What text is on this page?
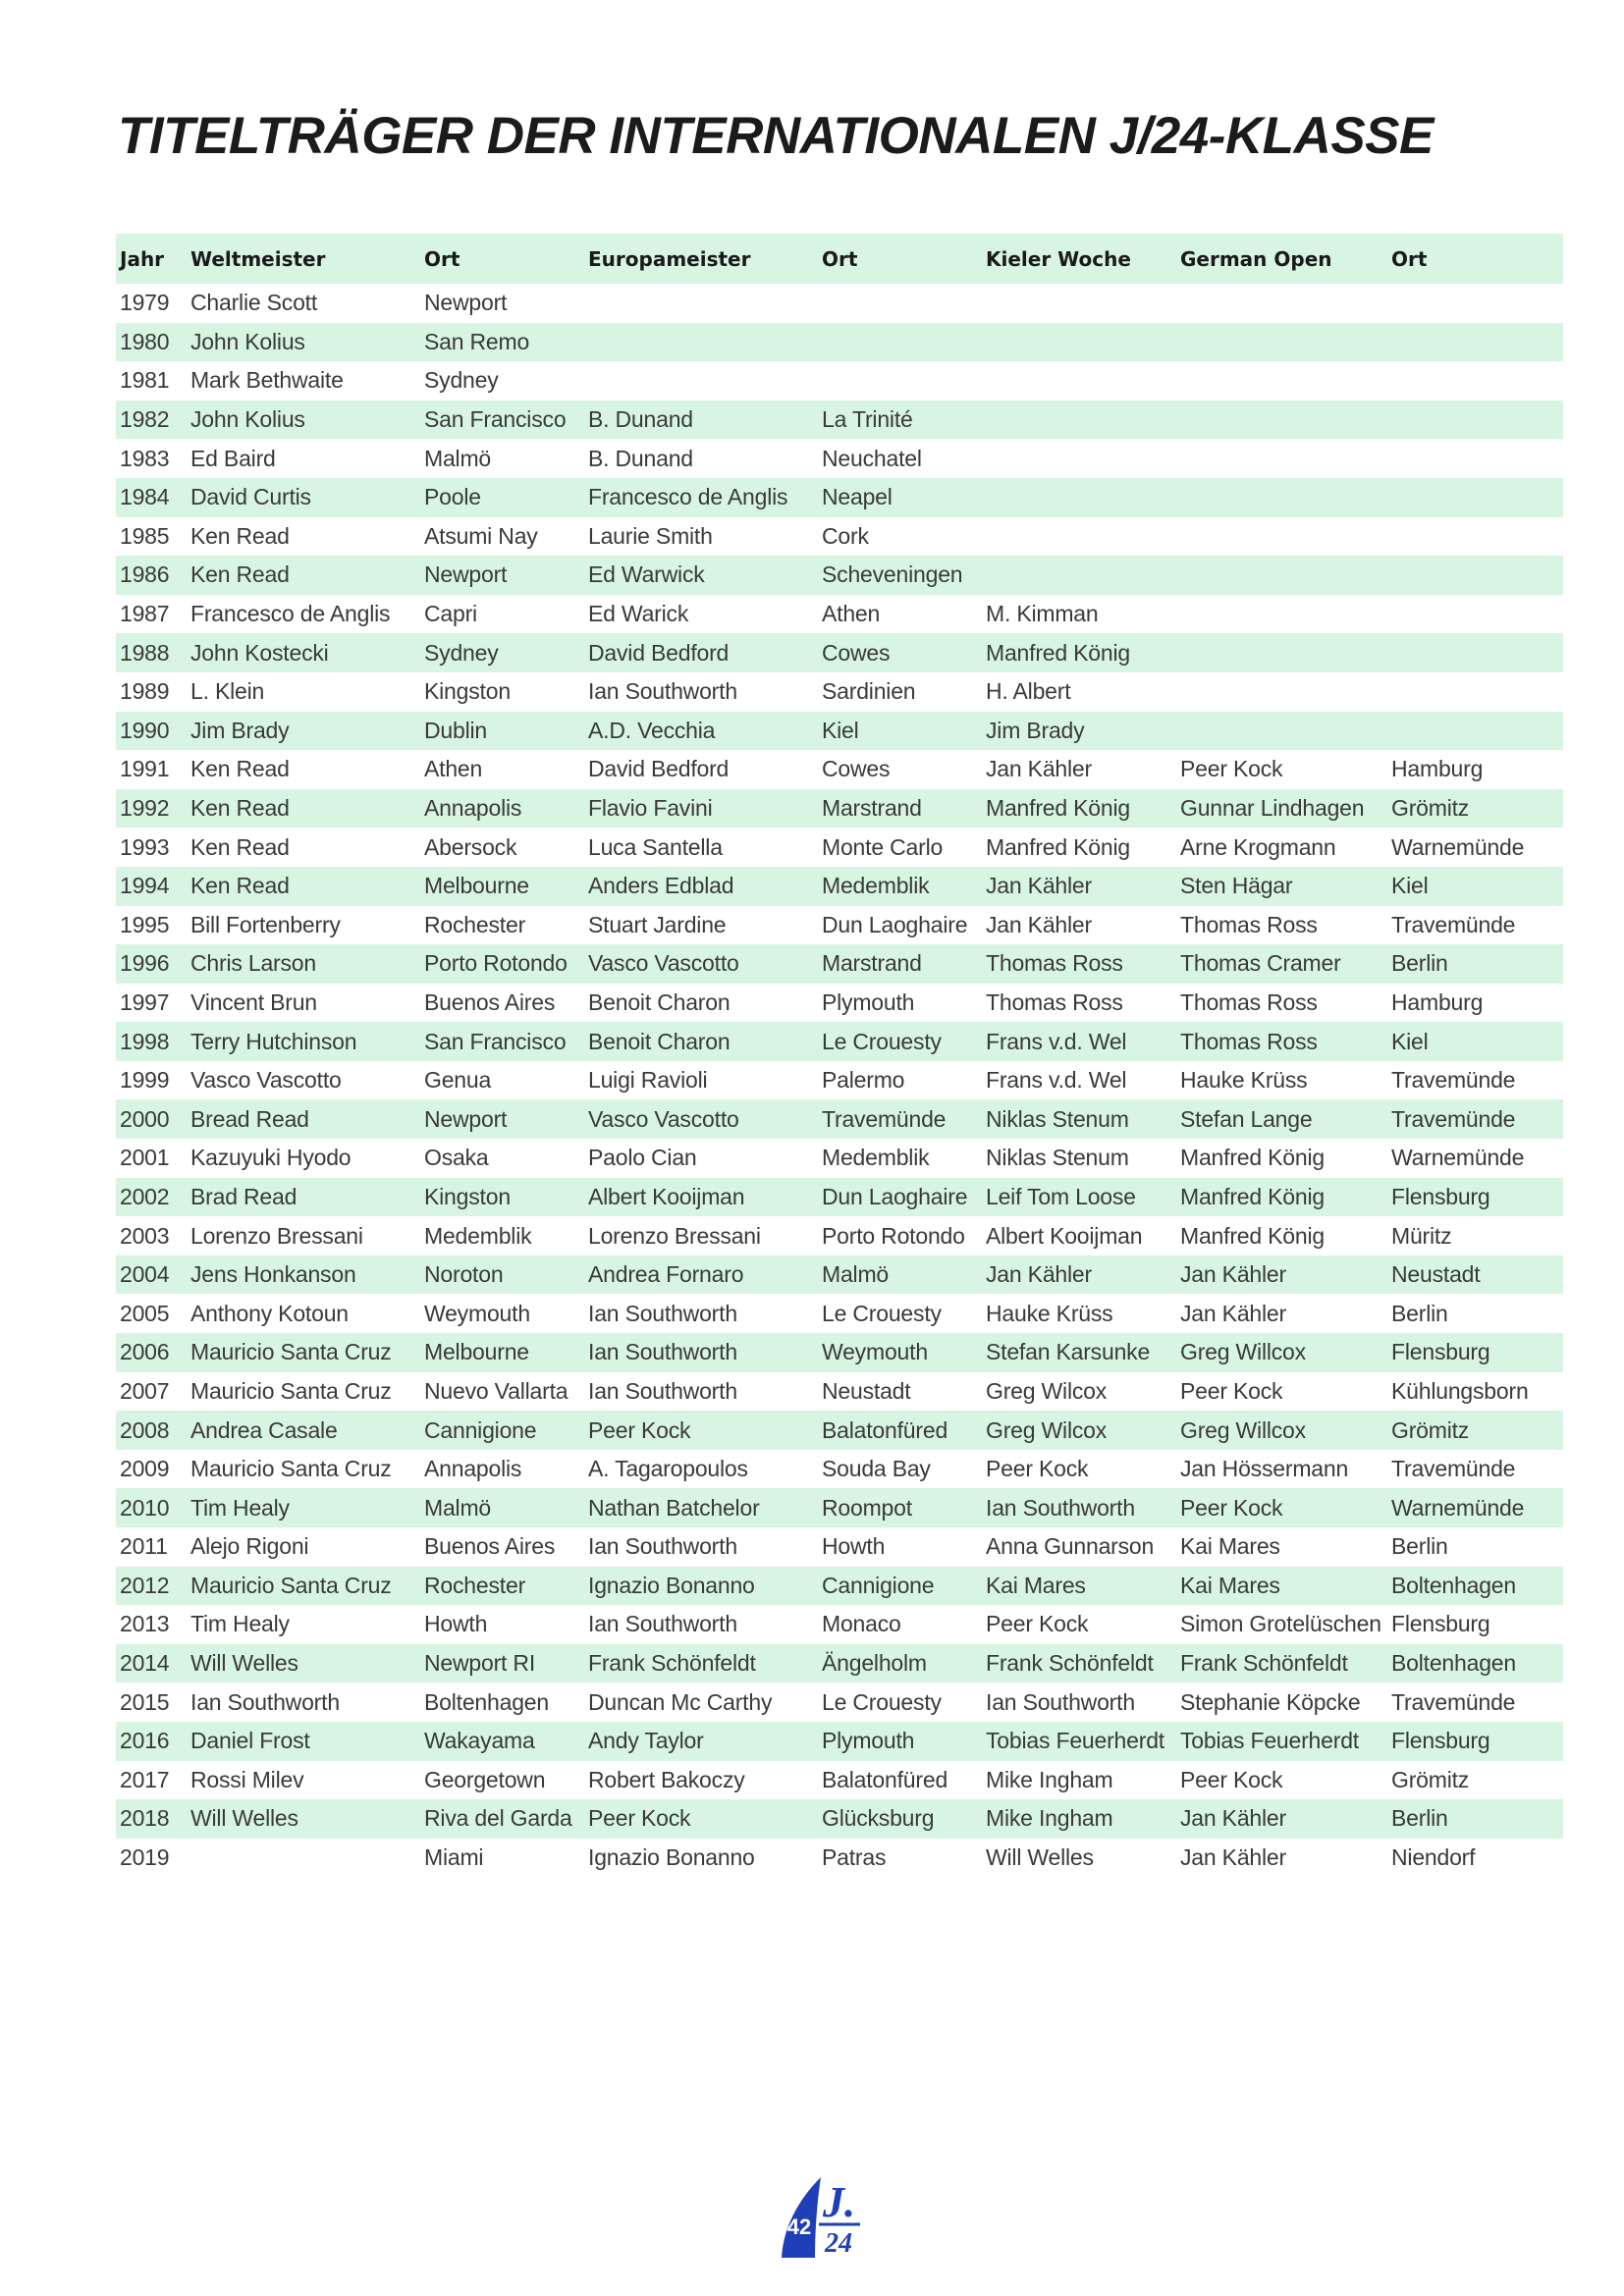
TITELTRÄGER DER INTERNATIONALEN J/24-KLASSE
Jahr	Weltmeister	Ort	Europameister	Ort	Kieler Woche	German Open	Ort
1979	Charlie Scott	Newport					
1980	John Kolius	San Remo					
1981	Mark Bethwaite	Sydney					
1982	John Kolius	San Francisco	B. Dunand	La Trinité			
1983	Ed Baird	Malmö	B. Dunand	Neuchatel			
1984	David Curtis	Poole	Francesco de Anglis	Neapel			
1985	Ken Read	Atsumi Nay	Laurie Smith	Cork			
1986	Ken Read	Newport	Ed Warwick	Scheveningen			
1987	Francesco de Anglis	Capri	Ed Warick	Athen	M. Kimman		
1988	John Kostecki	Sydney	David Bedford	Cowes	Manfred König		
1989	L. Klein	Kingston	Ian Southworth	Sardinien	H. Albert		
1990	Jim Brady	Dublin	A.D. Vecchia	Kiel	Jim Brady		
1991	Ken Read	Athen	David Bedford	Cowes	Jan Kähler	Peer Kock	Hamburg
1992	Ken Read	Annapolis	Flavio Favini	Marstrand	Manfred König	Gunnar Lindhagen	Grömitz
1993	Ken Read	Abersock	Luca Santella	Monte Carlo	Manfred König	Arne Krogmann	Warnemünde
1994	Ken Read	Melbourne	Anders Edblad	Medemblik	Jan Kähler	Sten Hägar	Kiel
1995	Bill Fortenberry	Rochester	Stuart Jardine	Dun Laoghaire	Jan Kähler	Thomas Ross	Travemünde
1996	Chris Larson	Porto Rotondo	Vasco Vascotto	Marstrand	Thomas Ross	Thomas Cramer	Berlin
1997	Vincent Brun	Buenos Aires	Benoit Charon	Plymouth	Thomas Ross	Thomas Ross	Hamburg
1998	Terry Hutchinson	San Francisco	Benoit Charon	Le Crouesty	Frans v.d. Wel	Thomas Ross	Kiel
1999	Vasco Vascotto	Genua	Luigi Ravioli	Palermo	Frans v.d. Wel	Hauke Krüss	Travemünde
2000	Bread Read	Newport	Vasco Vascotto	Travemünde	Niklas Stenum	Stefan Lange	Travemünde
2001	Kazuyuki Hyodo	Osaka	Paolo Cian	Medemblik	Niklas Stenum	Manfred König	Warnemünde
2002	Brad Read	Kingston	Albert Kooijman	Dun Laoghaire	Leif Tom Loose	Manfred König	Flensburg
2003	Lorenzo Bressani	Medemblik	Lorenzo Bressani	Porto Rotondo	Albert Kooijman	Manfred König	Müritz
2004	Jens Honkanson	Noroton	Andrea Fornaro	Malmö	Jan Kähler	Jan Kähler	Neustadt
2005	Anthony Kotoun	Weymouth	Ian Southworth	Le Crouesty	Hauke Krüss	Jan Kähler	Berlin
2006	Mauricio Santa Cruz	Melbourne	Ian Southworth	Weymouth	Stefan Karsunke	Greg Willcox	Flensburg
2007	Mauricio Santa Cruz	Nuevo Vallarta	Ian Southworth	Neustadt	Greg Wilcox	Peer Kock	Kühlungsborn
2008	Andrea Casale	Cannigione	Peer Kock	Balatonfüred	Greg Wilcox	Greg Willcox	Grömitz
2009	Mauricio Santa Cruz	Annapolis	A. Tagaropoulos	Souda Bay	Peer Kock	Jan Hössermann	Travemünde
2010	Tim Healy	Malmö	Nathan Batchelor	Roompot	Ian Southworth	Peer Kock	Warnemünde
2011	Alejo Rigoni	Buenos Aires	Ian Southworth	Howth	Anna Gunnarson	Kai Mares	Berlin
2012	Mauricio Santa Cruz	Rochester	Ignazio Bonanno	Cannigione	Kai Mares	Kai Mares	Boltenhagen
2013	Tim Healy	Howth	Ian Southworth	Monaco	Peer Kock	Simon Grotelüschen	Flensburg
2014	Will Welles	Newport RI	Frank Schönfeldt	Ängelholm	Frank Schönfeldt	Frank Schönfeldt	Boltenhagen
2015	Ian Southworth	Boltenhagen	Duncan Mc Carthy	Le Crouesty	Ian Southworth	Stephanie Köpcke	Travemünde
2016	Daniel Frost	Wakayama	Andy Taylor	Plymouth	Tobias Feuerherdt	Tobias Feuerherdt	Flensburg
2017	Rossi Milev	Georgetown	Robert Bakoczy	Balatonfüred	Mike Ingham	Peer Kock	Grömitz
2018	Will Welles	Riva del Garda	Peer Kock	Glücksburg	Mike Ingham	Jan Kähler	Berlin
2019		Miami	Ignazio Bonanno	Patras	Will Welles	Jan Kähler	Niendorf
42
J.
24
